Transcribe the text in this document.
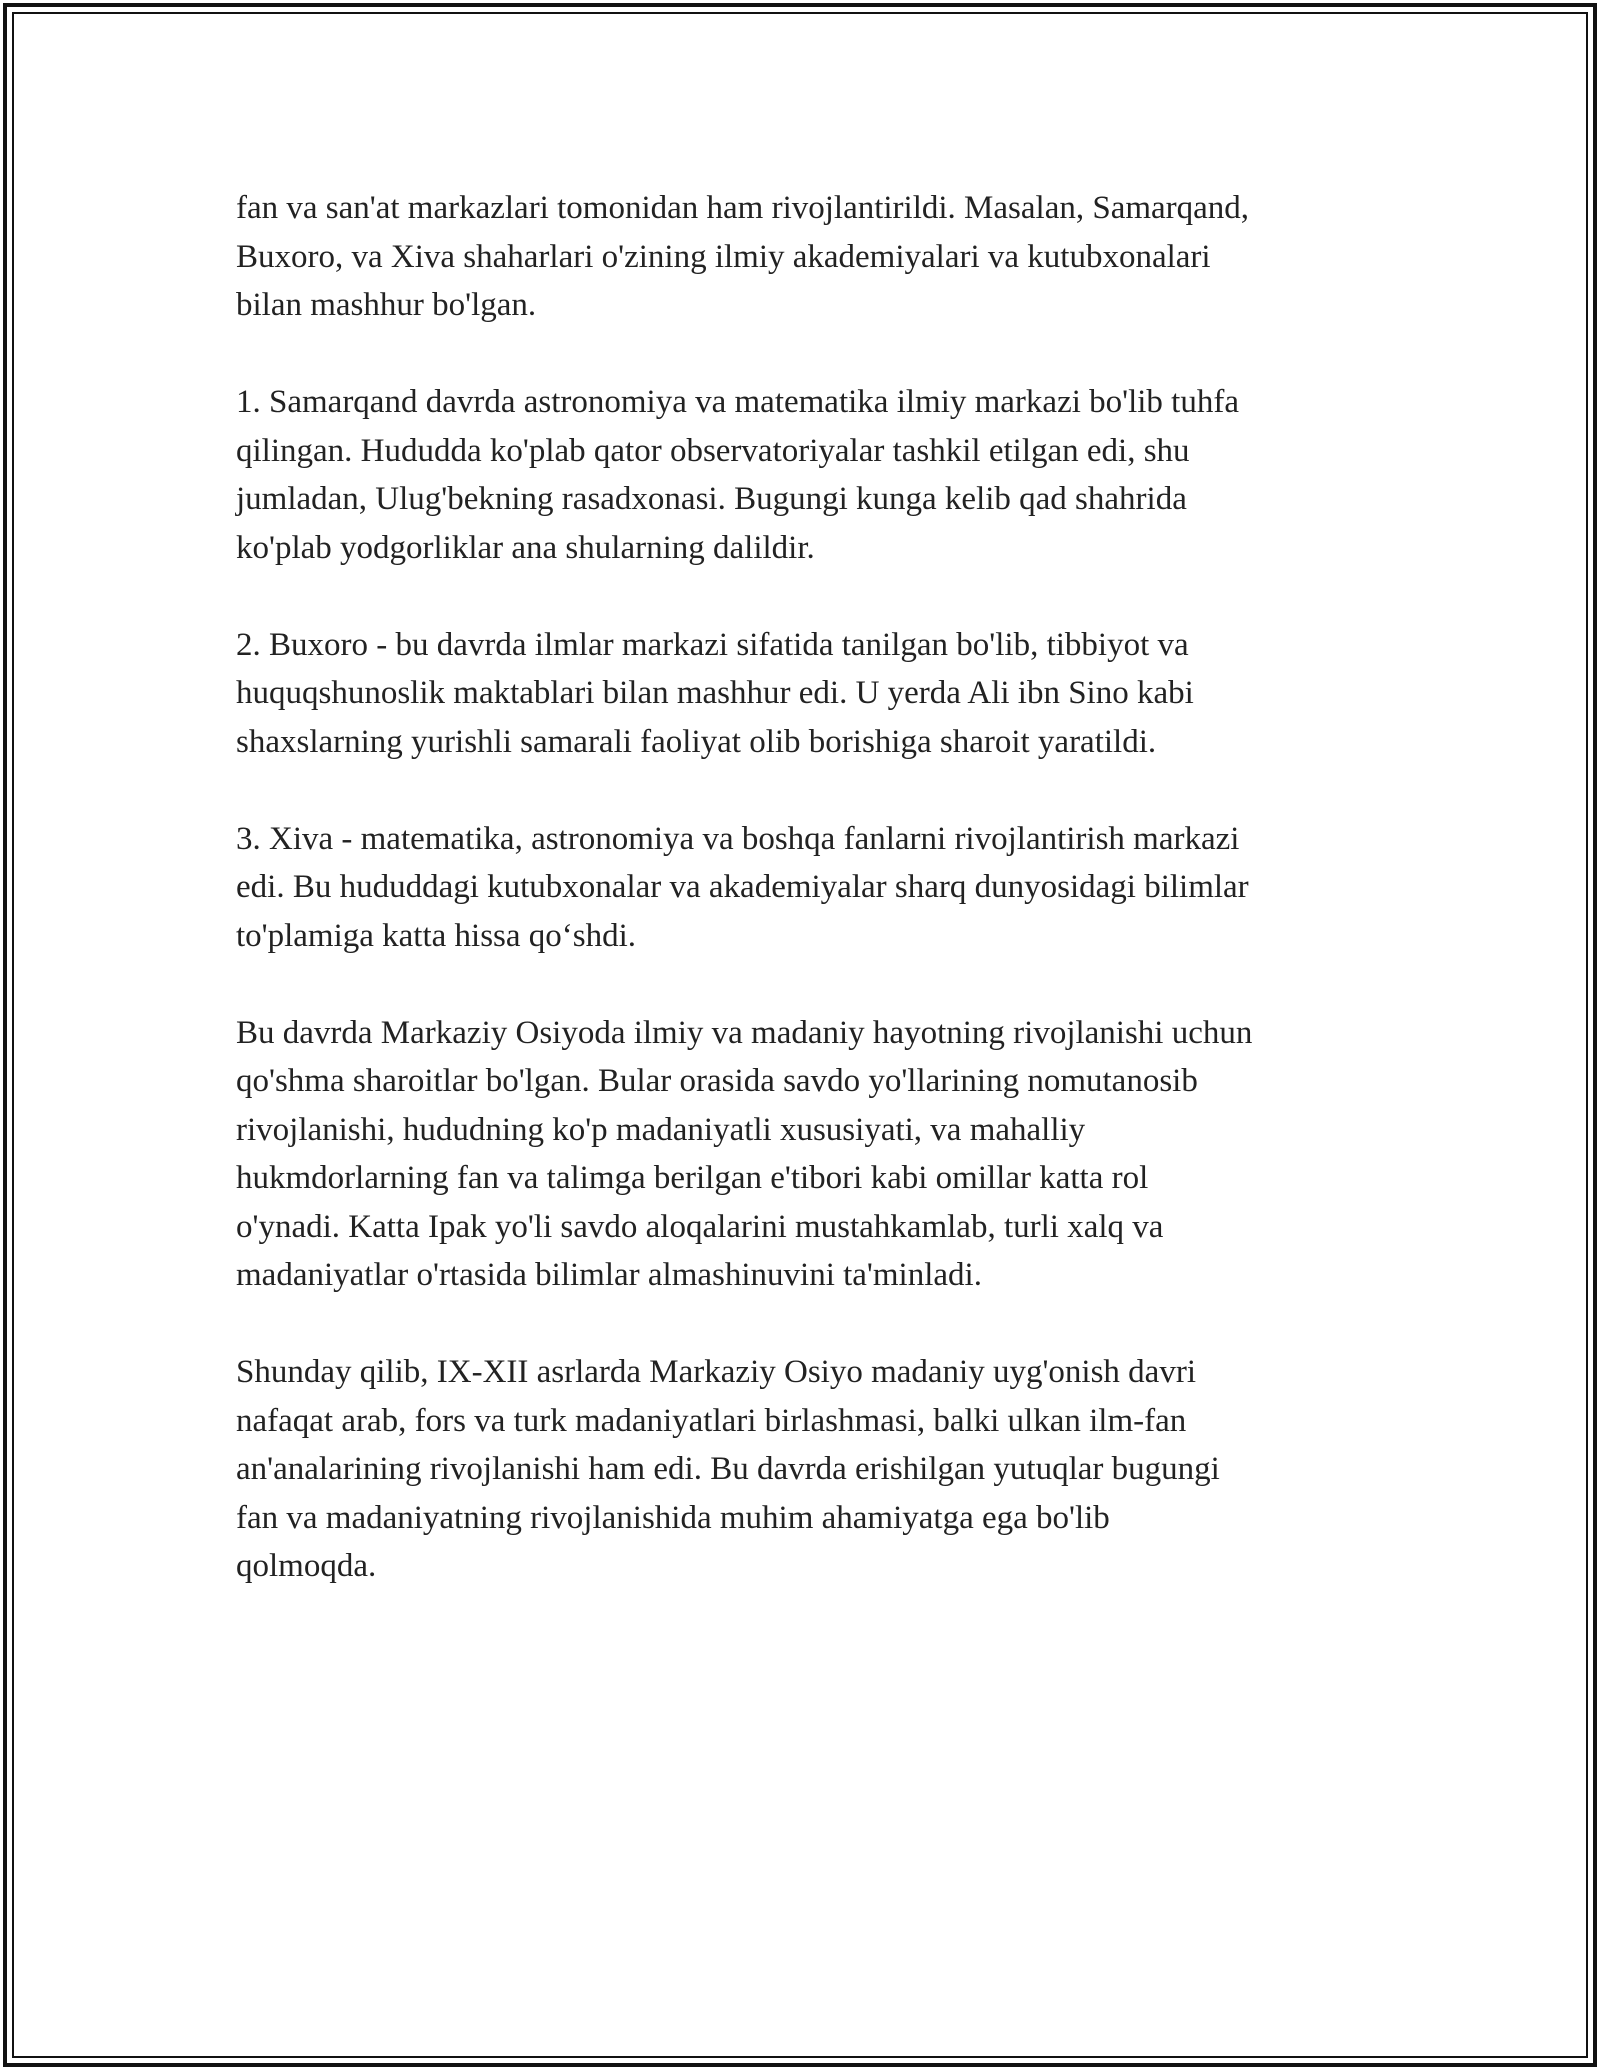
fan va san'at markazlari tomonidan ham rivojlantirildi. Masalan, Samarqand,
Buxoro, va Xiva shaharlari o'zining ilmiy akademiyalari va kutubxonalari
bilan mashhur bo'lgan.

1. Samarqand davrda astronomiya va matematika ilmiy markazi bo'lib tuhfa
qilingan. Hududda ko'plab qator observatoriyalar tashkil etilgan edi, shu
jumladan, Ulug'bekning rasadxonasi. Bugungi kunga kelib qad shahrida
ko'plab yodgorliklar ana shularning dalildir.

2. Buxoro - bu davrda ilmlar markazi sifatida tanilgan bo'lib, tibbiyot va
huquqshunoslik maktablari bilan mashhur edi. U yerda Ali ibn Sino kabi
shaxslarning yurishli samarali faoliyat olib borishiga sharoit yaratildi.

3. Xiva - matematika, astronomiya va boshqa fanlarni rivojlantirish markazi
edi. Bu hududdagi kutubxonalar va akademiyalar sharq dunyosidagi bilimlar
to'plamiga katta hissa qo‘shdi.

Bu davrda Markaziy Osiyoda ilmiy va madaniy hayotning rivojlanishi uchun
qo'shma sharoitlar bo'lgan. Bular orasida savdo yo'llarining nomutanosib
rivojlanishi, hududning ko'p madaniyatli xususiyati, va mahalliy
hukmdorlarning fan va talimga berilgan e'tibori kabi omillar katta rol
o'ynadi. Katta Ipak yo'li savdo aloqalarini mustahkamlab, turli xalq va
madaniyatlar o'rtasida bilimlar almashinuvini ta'minladi.

Shunday qilib, IX-XII asrlarda Markaziy Osiyo madaniy uyg'onish davri
nafaqat arab, fors va turk madaniyatlari birlashmasi, balki ulkan ilm-fan
an'analarining rivojlanishi ham edi. Bu davrda erishilgan yutuqlar bugungi
fan va madaniyatning rivojlanishida muhim ahamiyatga ega bo'lib
qolmoqda.
